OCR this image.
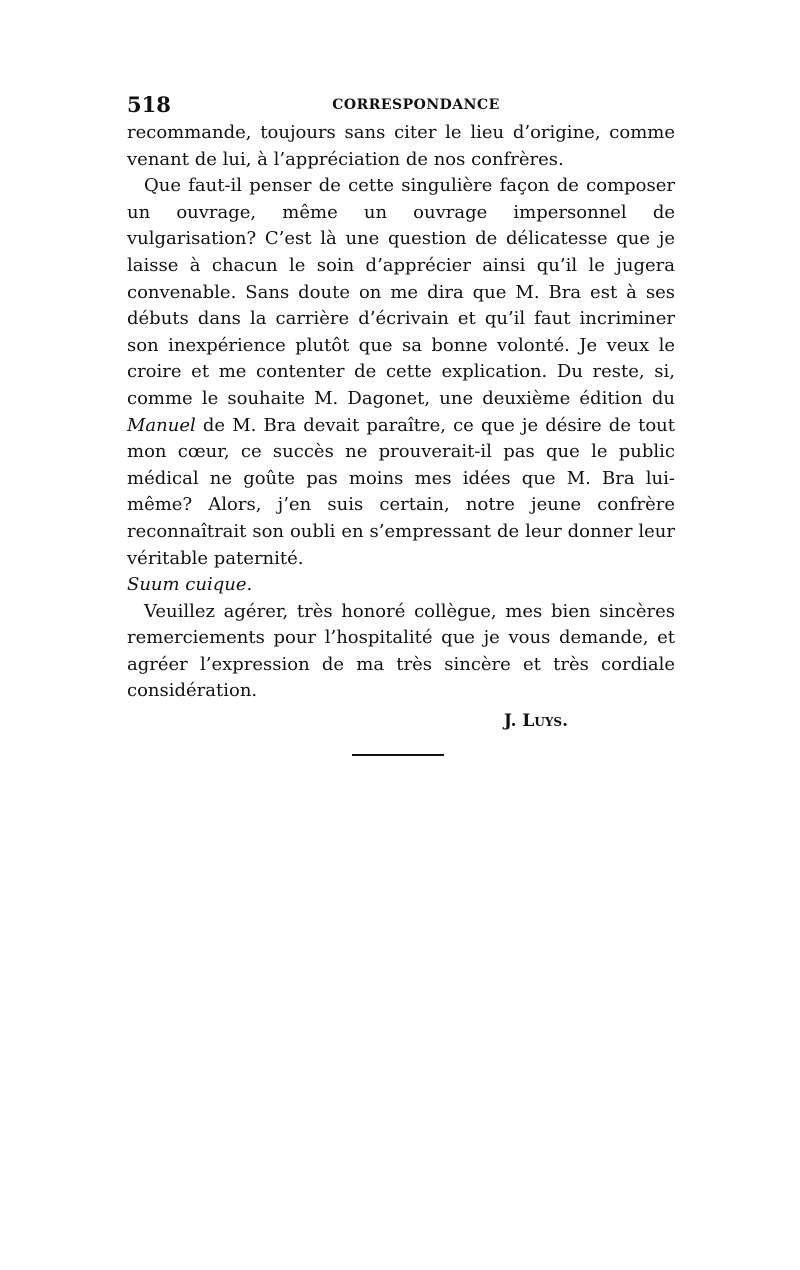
518	CORRESPONDANCE

recommande, toujours sans citer le lieu d’origine, comme venant de lui, à l’appréciation de nos confrères.

Que faut-il penser de cette singulière façon de composer un ouvrage, même un ouvrage impersonnel de vulgarisation? C’est là une question de délicatesse que je laisse à chacun le soin d’apprécier ainsi qu’il le jugera convenable. Sans doute on me dira que M. Bra est à ses débuts dans la carrière d’écrivain et qu’il faut incriminer son inexpérience plutôt que sa bonne volonté. Je veux le croire et me contenter de cette explication. Du reste, si, comme le souhaite M. Dagonet, une deuxième édition du Manuel de M. Bra devait paraître, ce que je désire de tout mon cœur, ce succès ne prouverait-il pas que le public médical ne goûte pas moins mes idées que M. Bra lui-même? Alors, j’en suis certain, notre jeune confrère reconnaîtrait son oubli en s’empressant de leur donner leur véritable paternité.

Suum cuique.

Veuillez agérer, très honoré collègue, mes bien sincères remerciements pour l’hospitalité que je vous demande, et agréer l’expression de ma très sincère et très cordiale considération.

J. Luys.
